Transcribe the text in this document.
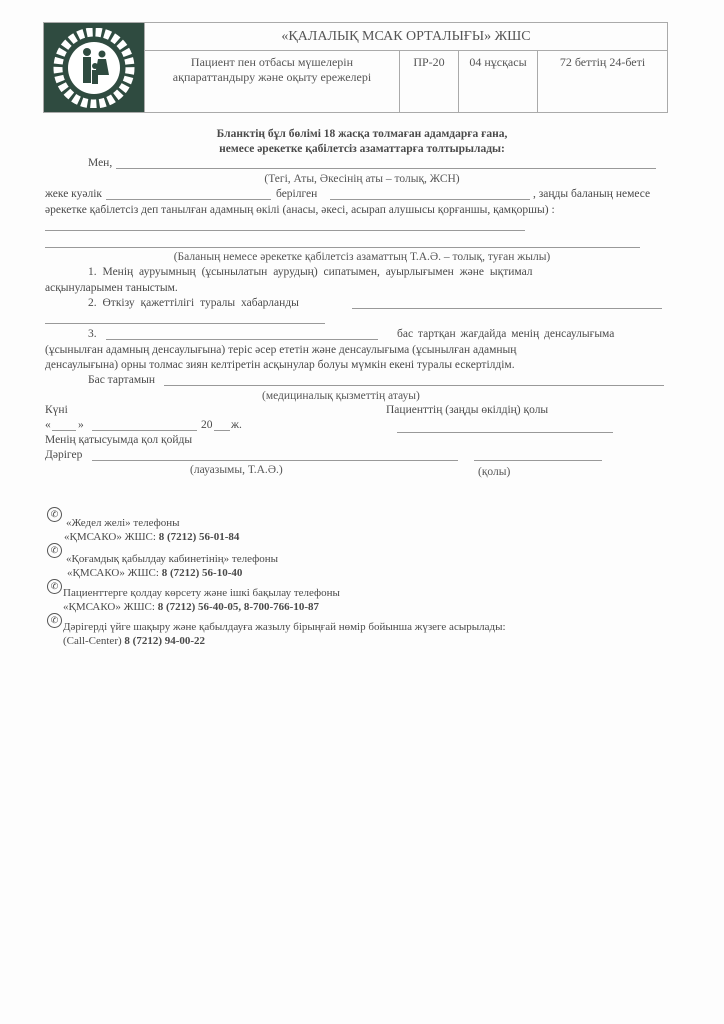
«ҚАЛАЛЫҚ МСАК ОРТАЛЫҒЫ» ЖШС
Пациент пен отбасы мүшелерін
ақпараттандыру және оқыту ережелері
ПР-20	04 нұсқасы	72 беттің 24-беті
Бланктің бұл бөлімі 18 жасқа толмаған адамдарға ғана,
немесе әрекетке қабілетсіз азаматтарға толтырылады:
Мен,
(Тегі, Аты, Әкесінің аты – толық, ЖСН)
жеке куәлік	берілген	, заңды баланың немесе
әрекетке қабілетсіз деп танылған адамның өкілі (анасы, әкесі, асырап алушысы қорғаншы, қамқоршы) :
(Баланың немесе әрекетке қабілетсіз азаматтың Т.А.Ә. – толық, туған жылы)
1. Менің ауруымның (ұсынылатын аурудың) сипатымен, ауырлығымен және ықтимал
асқынуларымен таныстым.
2. Өткізу қажеттілігі туралы хабарланды
3.	бас тартқан жағдайда менің денсаулығыма
(ұсынылған адамның денсаулығына) теріс әсер ететін және денсаулығыма (ұсынылған адамның
денсаулығына) орны толмас зиян келтіретін асқынулар болуы мүмкін екені туралы ескертілдім.
Бас тартамын
(медициналық қызметтің атауы)
Күні	Пациенттің (заңды өкілдің) қолы
« »	20 ж.
Менің қатысуымда қол қойды
Дәрігер
(лауазымы, Т.А.Ә.)	(қолы)
✆
«Жедел желі» телефоны
«ҚМСАКО» ЖШС: 8 (7212) 56-01-84
✆
«Қоғамдық қабылдау кабинетінің» телефоны
«ҚМСАКО» ЖШС: 8 (7212) 56-10-40
✆
Пациенттерге қолдау көрсету және ішкі бақылау телефоны
«ҚМСАКО» ЖШС: 8 (7212) 56-40-05, 8-700-766-10-87
✆
Дәрігерді үйге шақыру және қабылдауға жазылу бірыңғай нөмір бойынша жүзеге асырылады:
(Call-Center) 8 (7212) 94-00-22
